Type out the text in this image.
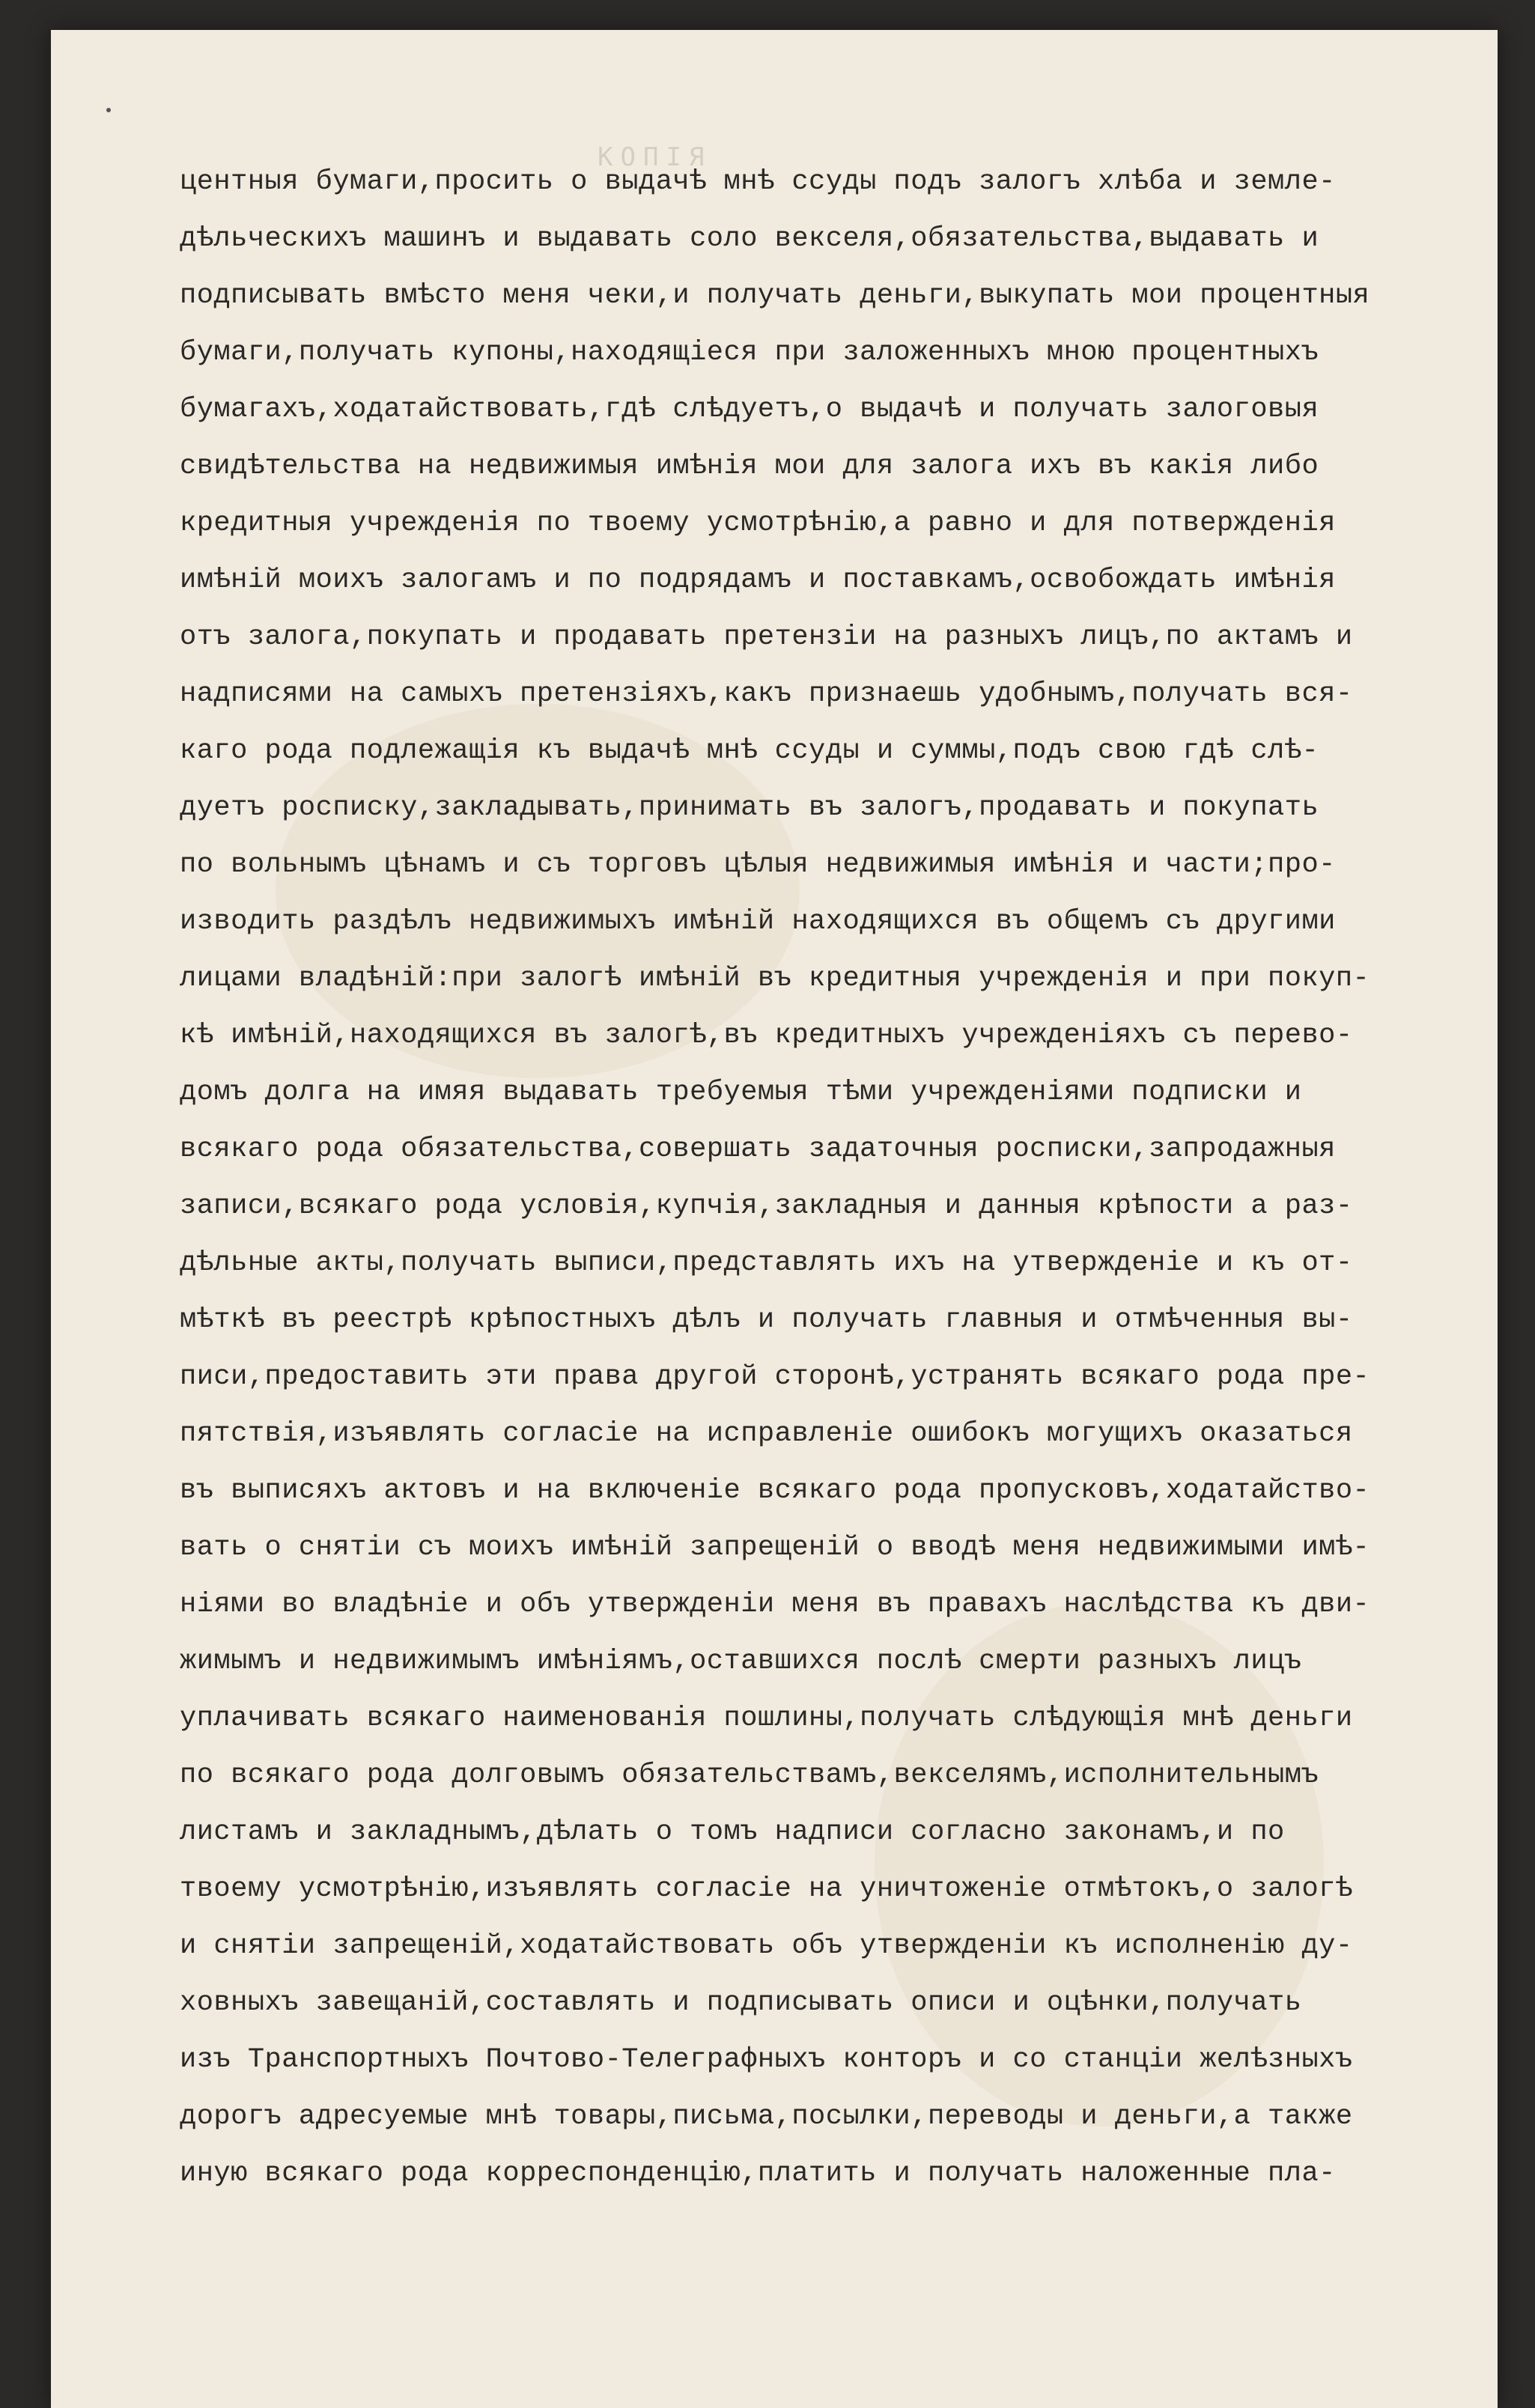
КОПІЯ
центныя бумаги,просить о выдачѣ мнѣ ссуды подъ залогъ хлѣба и земле-
дѣльческихъ машинъ и выдавать соло векселя,обязательства,выдавать и
подписывать вмѣсто меня чеки,и получать деньги,выкупать мои процентныя
бумаги,получать купоны,находящіеся при заложенныхъ мною процентныхъ
бумагахъ,ходатайствовать,гдѣ слѣдуетъ,о выдачѣ и получать залоговыя
свидѣтельства на недвижимыя имѣнія мои для залога ихъ въ какія либо
кредитныя учрежденія по твоему усмотрѣнію,а равно и для потвержденія
имѣній моихъ залогамъ и по подрядамъ и поставкамъ,освобождать имѣнія
отъ залога,покупать и продавать претензіи на разныхъ лицъ,по актамъ и
надписями на самыхъ претензіяхъ,какъ признаешь удобнымъ,получать вся-
каго рода подлежащія къ выдачѣ мнѣ ссуды и суммы,подъ свою гдѣ слѣ-
дуетъ росписку,закладывать,принимать въ залогъ,продавать и покупать
по вольнымъ цѣнамъ и съ торговъ цѣлыя недвижимыя имѣнія и части;про-
изводить раздѣлъ недвижимыхъ имѣній находящихся въ общемъ съ другими
лицами владѣній:при залогѣ имѣній въ кредитныя учрежденія и при покуп-
кѣ имѣній,находящихся въ залогѣ,въ кредитныхъ учрежденіяхъ съ перево-
домъ долга на имяя выдавать требуемыя тѣми учрежденіями подписки и
всякаго рода обязательства,совершать задаточныя росписки,запродажныя
записи,всякаго рода условія,купчія,закладныя и данныя крѣпости а раз-
дѣльные акты,получать выписи,представлять ихъ на утвержденіе и къ от-
мѣткѣ въ реестрѣ крѣпостныхъ дѣлъ и получать главныя и отмѣченныя вы-
писи,предоставить эти права другой сторонѣ,устранять всякаго рода пре-
пятствія,изъявлять согласіе на исправленіе ошибокъ могущихъ оказаться
въ выписяхъ актовъ и на включеніе всякаго рода пропусковъ,ходатайство-
вать о снятіи съ моихъ имѣній запрещеній о вводѣ меня недвижимыми имѣ-
ніями во владѣніе и объ утвержденіи меня въ правахъ наслѣдства къ дви-
жимымъ и недвижимымъ имѣніямъ,оставшихся послѣ смерти разныхъ лицъ
уплачивать всякаго наименованія пошлины,получать слѣдующія мнѣ деньги
по всякаго рода долговымъ обязательствамъ,векселямъ,исполнительнымъ
листамъ и закладнымъ,дѣлать о томъ надписи согласно законамъ,и по
твоему усмотрѣнію,изъявлять согласіе на уничтоженіе отмѣтокъ,о залогѣ
и снятіи запрещеній,ходатайствовать объ утвержденіи къ исполненію ду-
ховныхъ завещаній,составлять и подписывать описи и оцѣнки,получать
изъ Транспортныхъ Почтово-Телеграфныхъ конторъ и со станціи желѣзныхъ
дорогъ адресуемые мнѣ товары,письма,посылки,переводы и деньги,а также
иную всякаго рода корреспонденцію,платить и получать наложенные пла-
